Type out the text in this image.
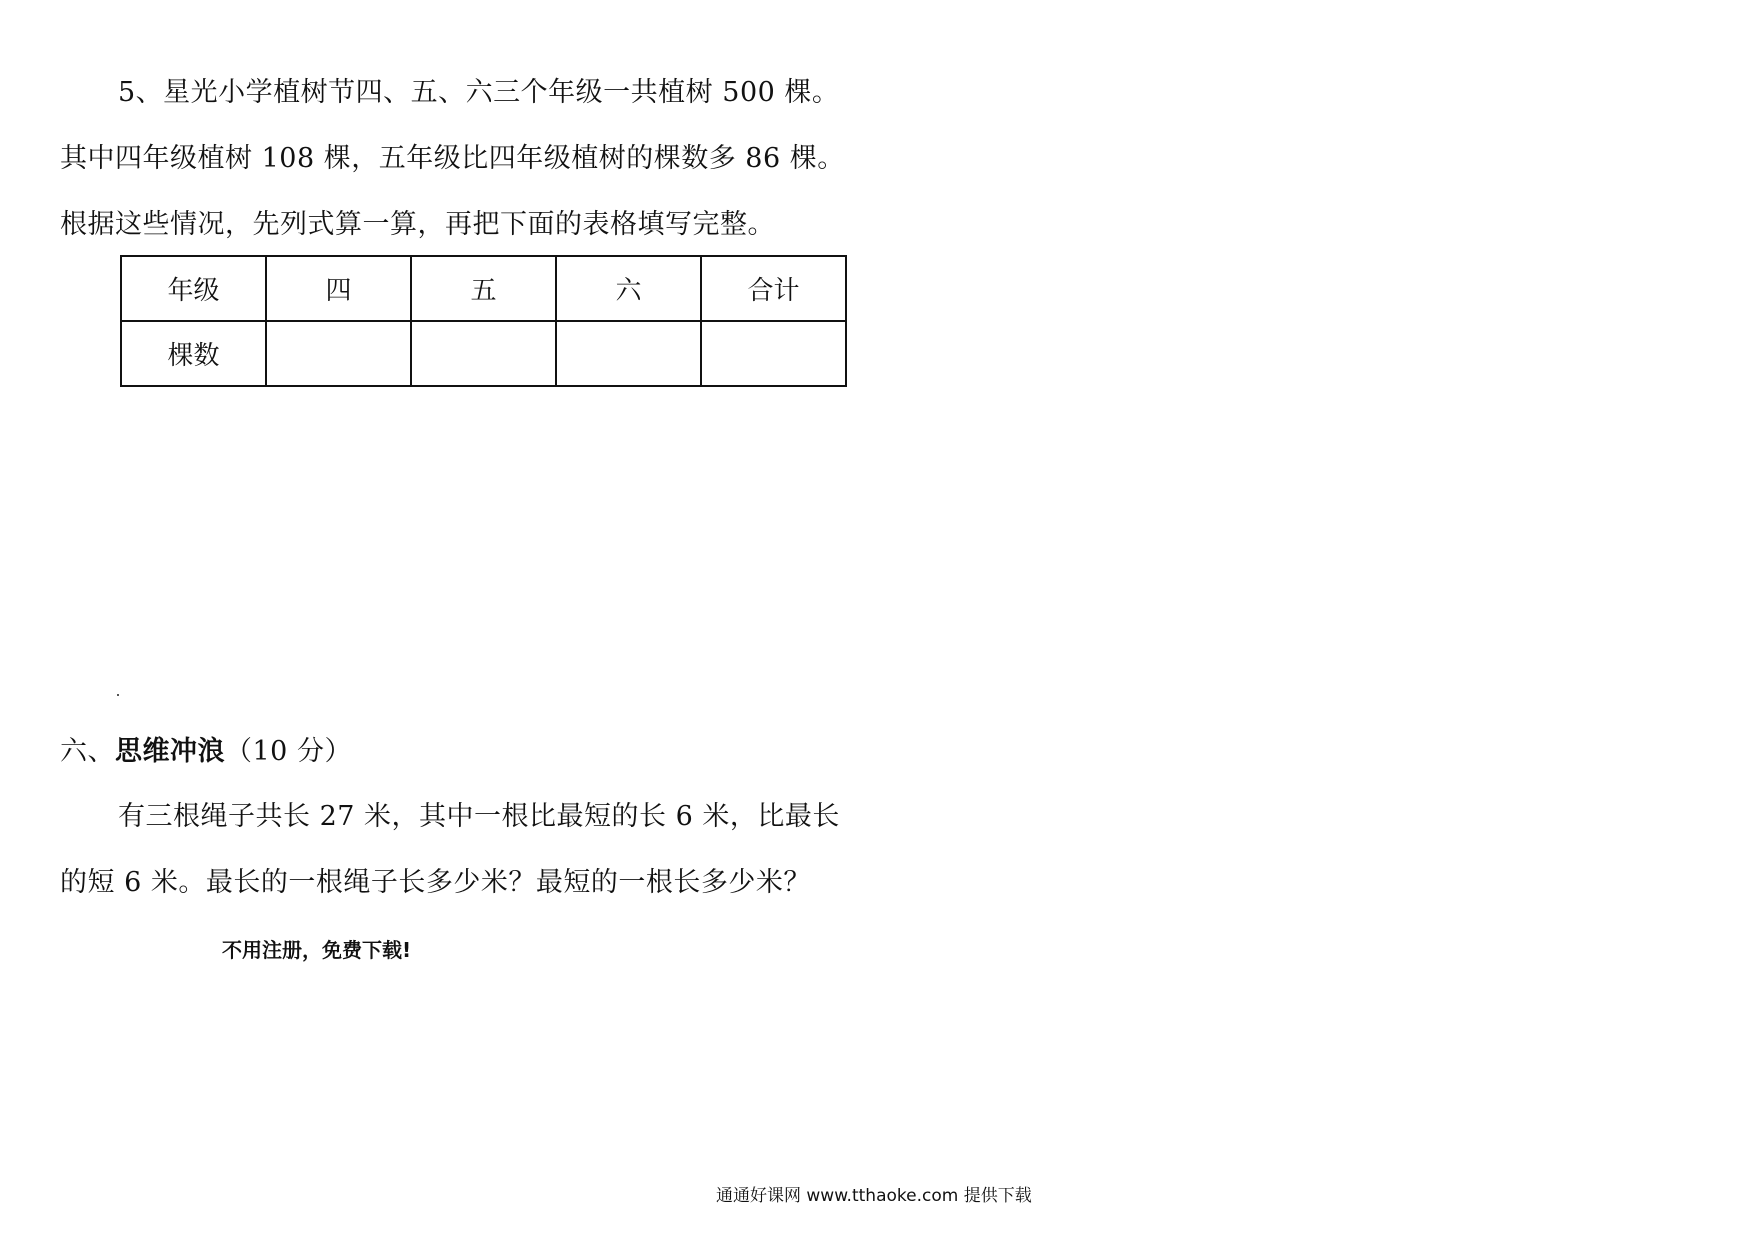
5、星光小学植树节四、五、六三个年级一共植树 500 棵。
其中四年级植树 108 棵，五年级比四年级植树的棵数多 86 棵。
根据这些情况，先列式算一算，再把下面的表格填写完整。
年级	四	五	六	合计
棵数				
六、思维冲浪（10 分）
有三根绳子共长 27 米，其中一根比最短的长 6 米，比最长
的短 6 米。最长的一根绳子长多少米？最短的一根长多少米？
不用注册，免费下载!
通通好课网 www.tthaoke.com 提供下载
